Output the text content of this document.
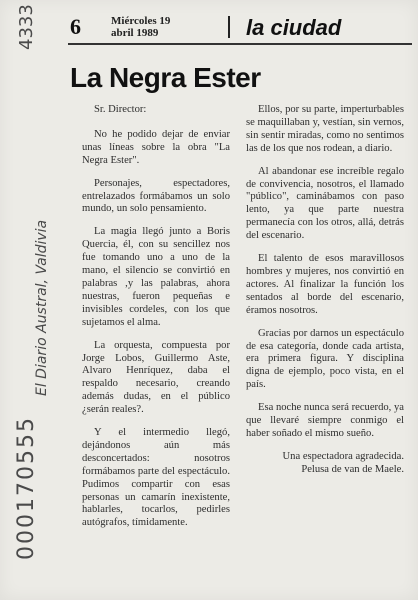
6	Miércoles 19
abril 1989	la ciudad
La Negra Ester
4333
El Diario Austral, Valdivia
000170555

Sr. Director:

No he podido dejar de enviar unas líneas sobre la obra "La Negra Ester".

Personajes, espectadores, entrelazados formábamos un solo mundo, un solo pensamiento.

La magia llegó junto a Boris Quercia, él, con su sencillez nos fue tomando uno a uno de la mano, el silencio se convirtió en palabras ,y las palabras, ahora nuestras, fueron pequeñas e invisibles cordeles, con los que sujetamos el alma.

La orquesta, compuesta por Jorge Lobos, Guillermo Aste, Alvaro Henríquez, daba el respaldo necesario, creando además dudas, en el público ¿serán reales?.

Y el intermedio llegó, dejándonos aún más desconcertados: nosotros formábamos parte del espectáculo. Pudimos compartir con esas personas un camarín inexistente, hablarles, tocarlos, pedirles autógrafos, tímidamente.

Ellos, por su parte, imperturbables se maquillaban y, vestían, sin vernos, sin sentir miradas, como no sentimos las de los que nos rodean, a diario.

Al abandonar ese increíble regalo de convivencia, nosotros, el llamado "público", caminábamos con paso lento, ya que parte nuestra permanecía con los otros, allá, detrás del escenario.

El talento de esos maravillosos hombres y mujeres, nos convirtió en actores. Al finalizar la función los sentados al borde del escenario, éramos nosotros.

Gracias por darnos un espectáculo de esa categoría, donde cada artista, era primera figura. Y disciplina digna de ejemplo, poco vista, en el país.

Esa noche nunca será recuerdo, ya que llevaré siempre conmigo el haber soñado el mismo sueño.

Una espectadora agradecida.

Pelusa de van de Maele.
